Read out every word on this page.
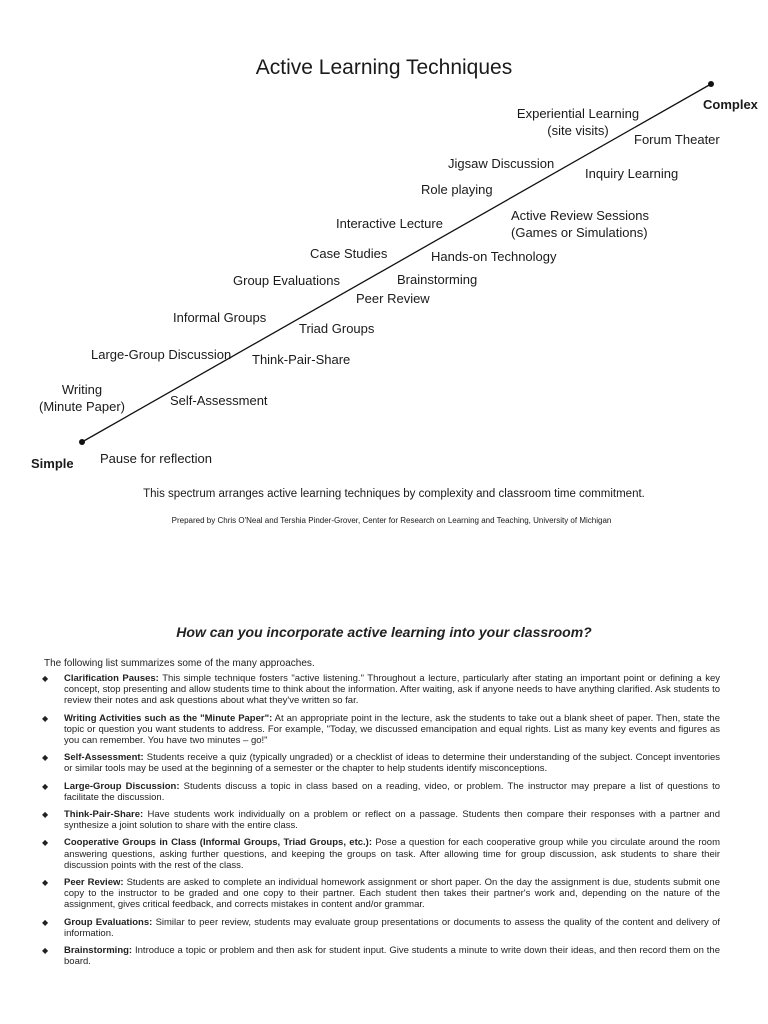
Active Learning Techniques
Simple
Complex
Writing
(Minute Paper)
Large-Group Discussion
Informal Groups
Group Evaluations
Case Studies
Interactive Lecture
Role playing
Jigsaw Discussion
Experiential Learning
(site visits)
Pause for reflection
Self-Assessment
Think-Pair-Share
Triad Groups
Peer Review
Brainstorming
Hands-on Technology
Active Review Sessions
(Games or Simulations)
Inquiry Learning
Forum Theater
This spectrum arranges active learning techniques by complexity and classroom time commitment.
Prepared by Chris O'Neal and Tershia Pinder-Grover, Center for Research on Learning and Teaching, University of Michigan
How can you incorporate active learning into your classroom?
The following list summarizes some of the many approaches.
◆ Clarification Pauses: This simple technique fosters "active listening." Throughout a lecture, particularly after stating an important point or defining a key concept, stop presenting and allow students time to think about the information. After waiting, ask if anyone needs to have anything clarified. Ask students to review their notes and ask questions about what they've written so far.
◆ Writing Activities such as the "Minute Paper": At an appropriate point in the lecture, ask the students to take out a blank sheet of paper. Then, state the topic or question you want students to address. For example, "Today, we discussed emancipation and equal rights. List as many key events and figures as you can remember. You have two minutes – go!"
◆ Self-Assessment: Students receive a quiz (typically ungraded) or a checklist of ideas to determine their understanding of the subject. Concept inventories or similar tools may be used at the beginning of a semester or the chapter to help students identify misconceptions.
◆ Large-Group Discussion: Students discuss a topic in class based on a reading, video, or problem. The instructor may prepare a list of questions to facilitate the discussion.
◆ Think-Pair-Share: Have students work individually on a problem or reflect on a passage. Students then compare their responses with a partner and synthesize a joint solution to share with the entire class.
◆ Cooperative Groups in Class (Informal Groups, Triad Groups, etc.): Pose a question for each cooperative group while you circulate around the room answering questions, asking further questions, and keeping the groups on task. After allowing time for group discussion, ask students to share their discussion points with the rest of the class.
◆ Peer Review: Students are asked to complete an individual homework assignment or short paper. On the day the assignment is due, students submit one copy to the instructor to be graded and one copy to their partner. Each student then takes their partner's work and, depending on the nature of the assignment, gives critical feedback, and corrects mistakes in content and/or grammar.
◆ Group Evaluations: Similar to peer review, students may evaluate group presentations or documents to assess the quality of the content and delivery of information.
◆ Brainstorming: Introduce a topic or problem and then ask for student input. Give students a minute to write down their ideas, and then record them on the board.
